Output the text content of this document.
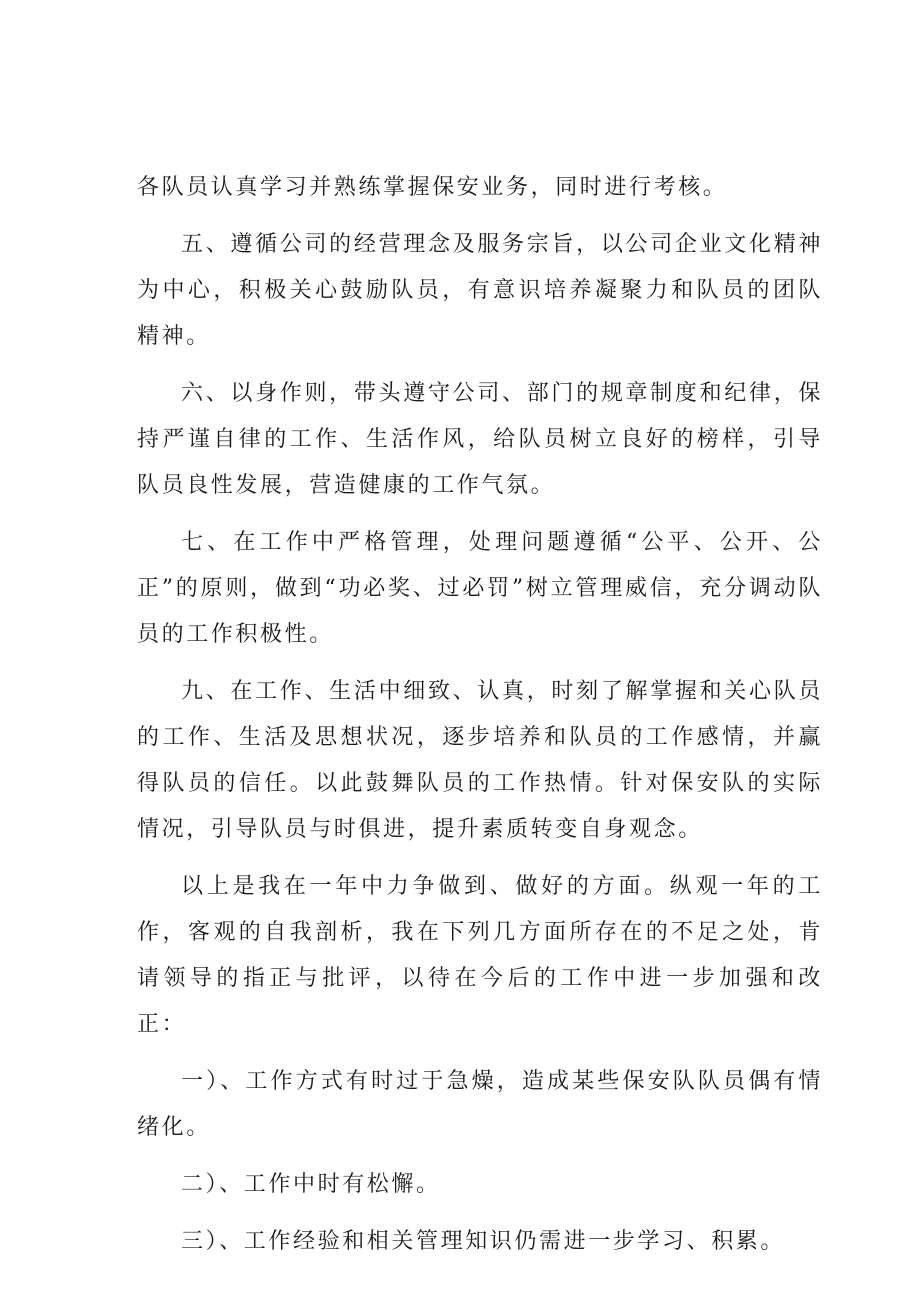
各队员认真学习并熟练掌握保安业务，同时进行考核。

五、遵循公司的经营理念及服务宗旨，以公司企业文化精神为中心，积极关心鼓励队员，有意识培养凝聚力和队员的团队精神。

六、以身作则，带头遵守公司、部门的规章制度和纪律，保持严谨自律的工作、生活作风，给队员树立良好的榜样，引导队员良性发展，营造健康的工作气氛。

七、在工作中严格管理，处理问题遵循“公平、公开、公正”的原则，做到“功必奖、过必罚”树立管理威信，充分调动队员的工作积极性。

九、在工作、生活中细致、认真，时刻了解掌握和关心队员的工作、生活及思想状况，逐步培养和队员的工作感情，并赢得队员的信任。以此鼓舞队员的工作热情。针对保安队的实际情况，引导队员与时俱进，提升素质转变自身观念。

以上是我在一年中力争做到、做好的方面。纵观一年的工作，客观的自我剖析，我在下列几方面所存在的不足之处，肯请领导的指正与批评，以待在今后的工作中进一步加强和改正：

一）、工作方式有时过于急燥，造成某些保安队队员偶有情绪化。

二）、工作中时有松懈。

三）、工作经验和相关管理知识仍需进一步学习、积累。
